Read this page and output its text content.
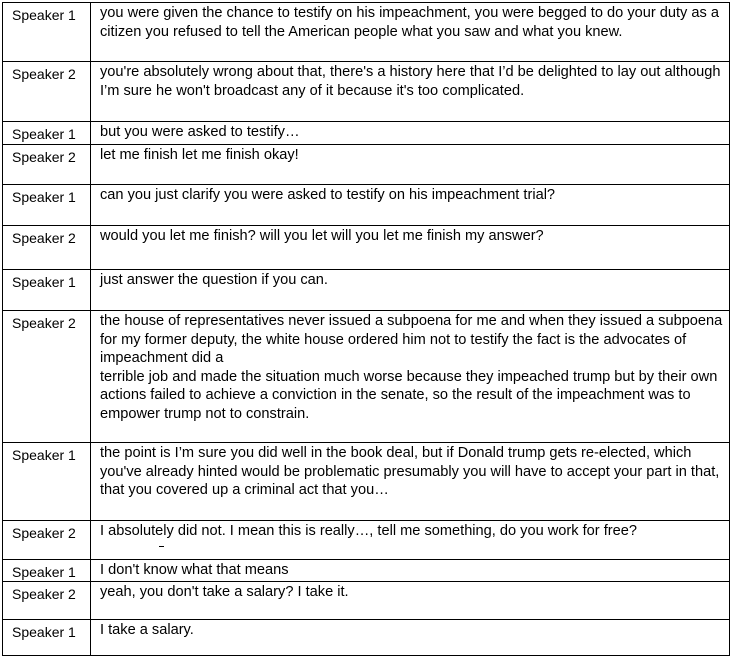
Speaker 1	you were given the chance to testify on his impeachment, you were begged to do your duty as a citizen you refused to tell the American people what you saw and what you knew.
Speaker 2	you're absolutely wrong about that, there's a history here that I’d be delighted to lay out although I’m sure he won't broadcast any of it because it's too complicated.
Speaker 1	but you were asked to testify…
Speaker 2	let me finish let me finish okay!
Speaker 1	can you just clarify you were asked to testify on his impeachment trial?
Speaker 2	would you let me finish? will you let will you let me finish my answer?
Speaker 1	just answer the question if you can.
Speaker 2	the house of representatives never issued a subpoena for me and when they issued a subpoena for my former deputy, the white house ordered him not to testify the fact is the advocates of impeachment did a
terrible job and made the situation much worse because they impeached trump but by their own actions failed to achieve a conviction in the senate, so the result of the impeachment was to empower trump not to constrain.
Speaker 1	the point is I’m sure you did well in the book deal, but if Donald trump gets re-elected, which you've already hinted would be problematic presumably you will have to accept your part in that, that you covered up a criminal act that you…
Speaker 2	I absolutely did not. I mean this is really…, tell me something, do you work for free?
Speaker 1	I don't know what that means
Speaker 2	yeah, you don't take a salary? I take it.
Speaker 1	I take a salary.
